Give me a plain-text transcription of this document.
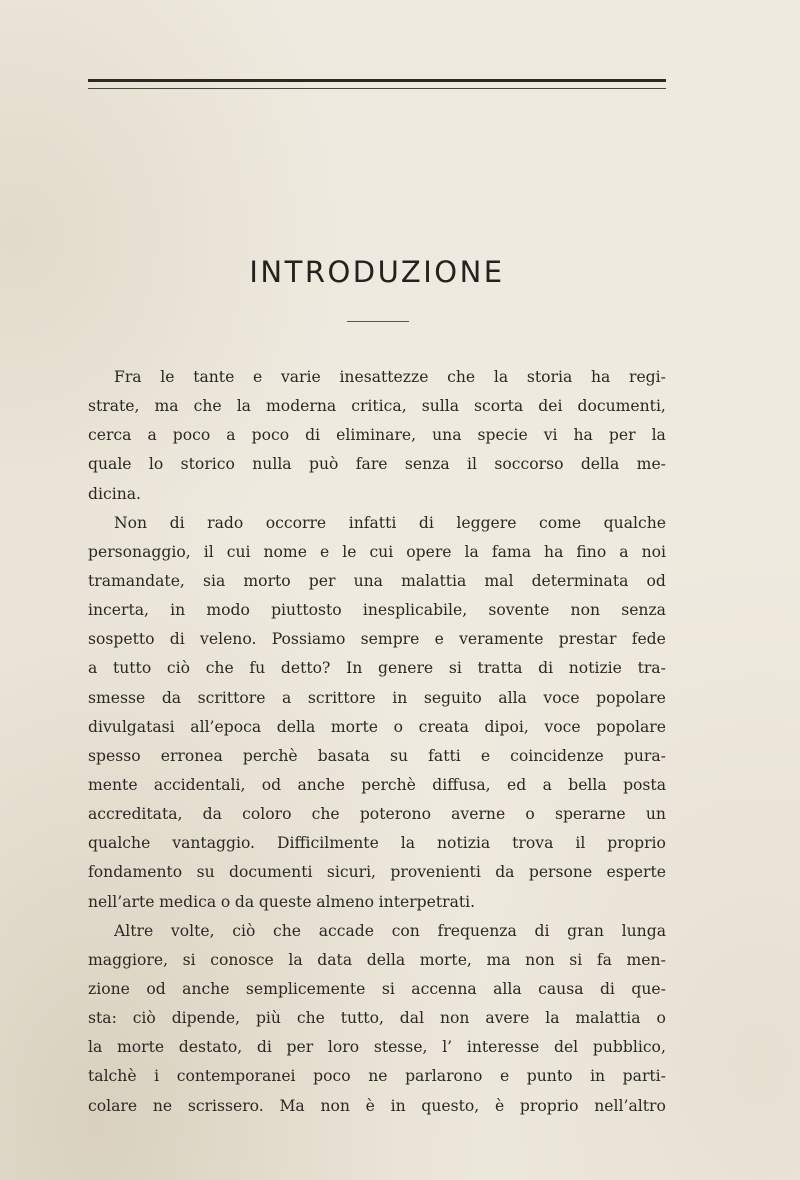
INTRODUZIONE
Fra le tante e varie inesattezze che la storia ha regi-
strate, ma che la moderna critica, sulla scorta dei documenti,
cerca a poco a poco di eliminare, una specie vi ha per la
quale lo storico nulla può fare senza il soccorso della me-
dicina.
Non di rado occorre infatti di leggere come qualche
personaggio, il cui nome e le cui opere la fama ha fino a noi
tramandate, sia morto per una malattia mal determinata od
incerta, in modo piuttosto inesplicabile, sovente non senza
sospetto di veleno. Possiamo sempre e veramente prestar fede
a tutto ciò che fu detto? In genere si tratta di notizie tra-
smesse da scrittore a scrittore in seguito alla voce popolare
divulgatasi all’epoca della morte o creata dipoi, voce popolare
spesso erronea perchè basata su fatti e coincidenze pura-
mente accidentali, od anche perchè diffusa, ed a bella posta
accreditata, da coloro che poterono averne o sperarne un
qualche vantaggio. Difficilmente la notizia trova il proprio
fondamento su documenti sicuri, provenienti da persone esperte
nell’arte medica o da queste almeno interpetrati.
Altre volte, ciò che accade con frequenza di gran lunga
maggiore, si conosce la data della morte, ma non si fa men-
zione od anche semplicemente si accenna alla causa di que-
sta: ciò dipende, più che tutto, dal non avere la malattia o
la morte destato, di per loro stesse, l’ interesse del pubblico,
talchè i contemporanei poco ne parlarono e punto in parti-
colare ne scrissero. Ma non è in questo, è proprio nell’altro
